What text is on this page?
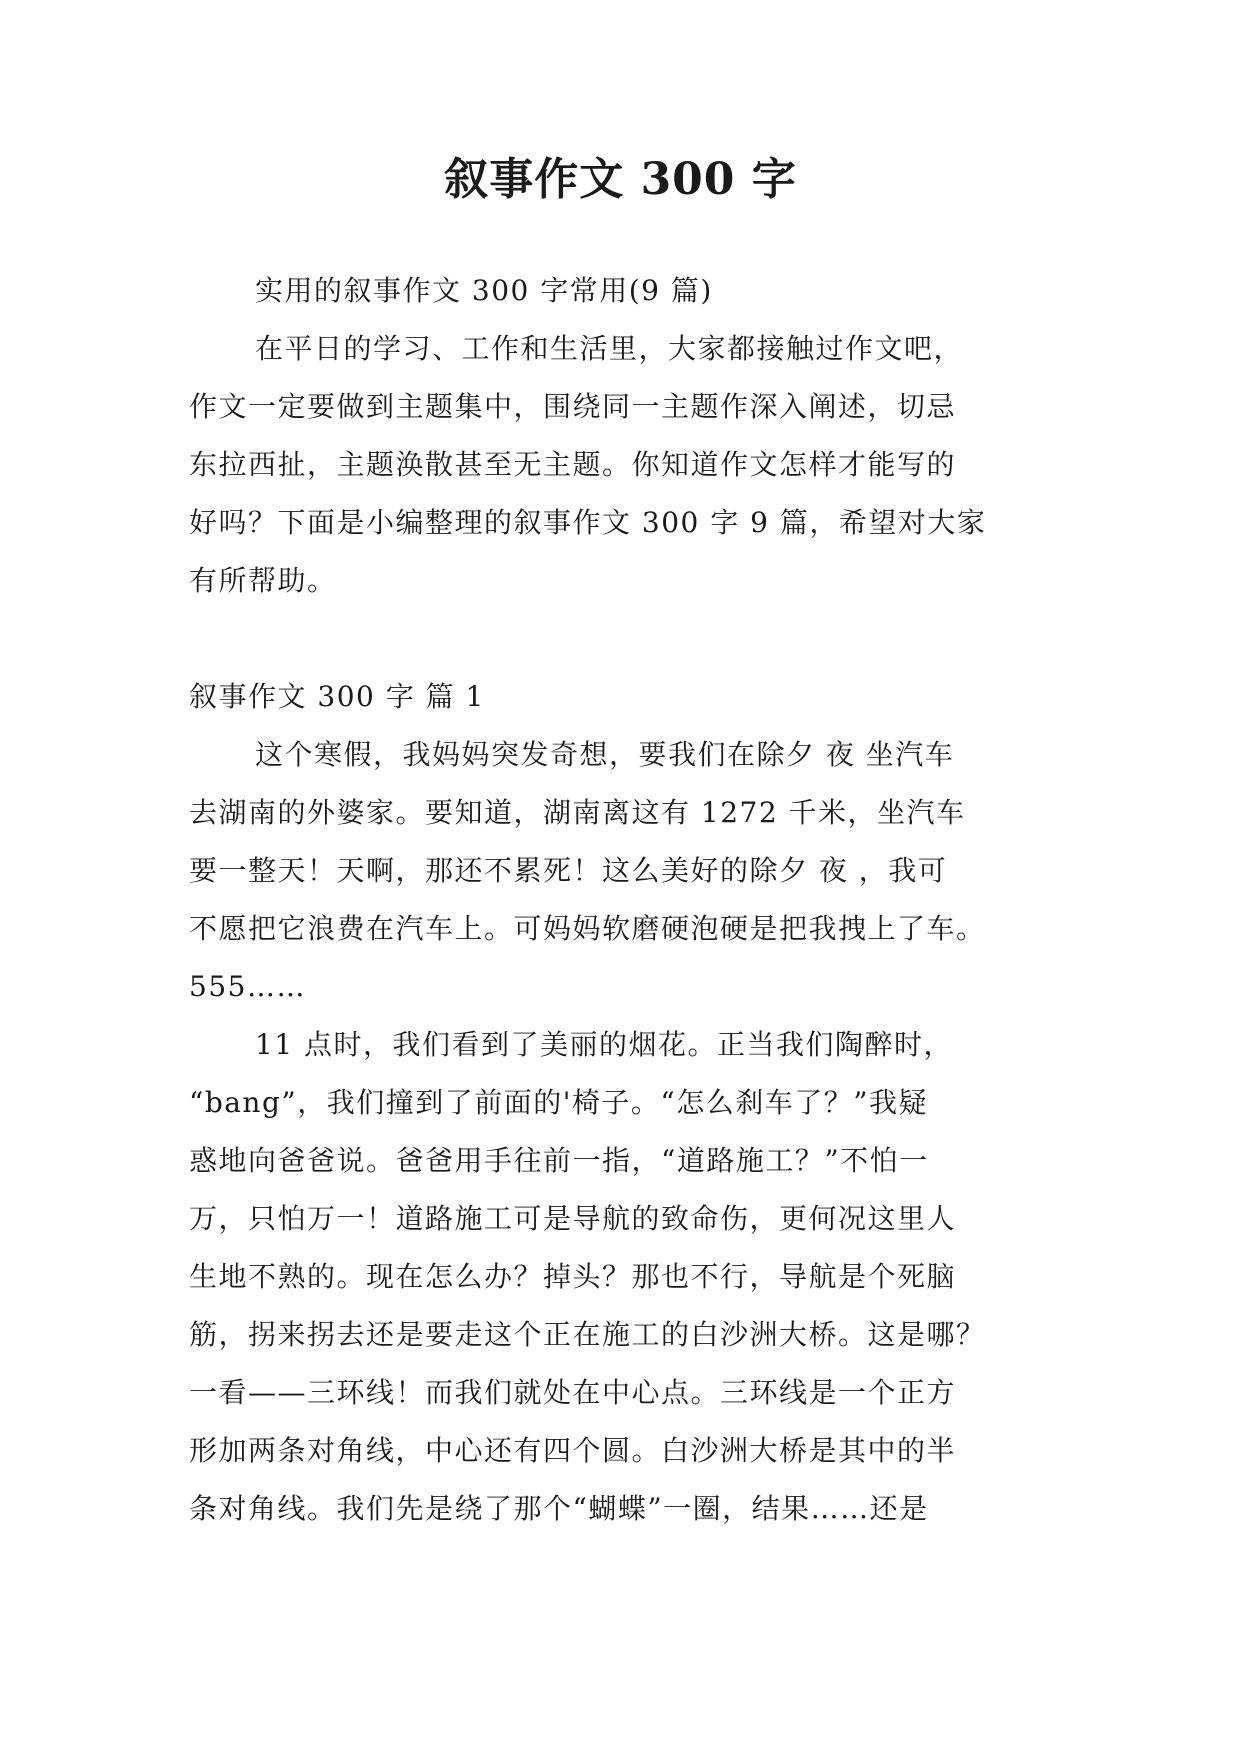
叙事作文 300 字

实用的叙事作文 300 字常用(9 篇)

在平日的学习、工作和生活里，大家都接触过作文吧，

作文一定要做到主题集中，围绕同一主题作深入阐述，切忌

东拉西扯，主题涣散甚至无主题。你知道作文怎样才能写的

好吗？下面是小编整理的叙事作文 300 字 9 篇，希望对大家

有所帮助。

叙事作文 300 字 篇 1

这个寒假，我妈妈突发奇想，要我们在除夕 夜 坐汽车

去湖南的外婆家。要知道，湖南离这有 1272 千米，坐汽车

要一整天！天啊，那还不累死！这么美好的除夕 夜 ，我可

不愿把它浪费在汽车上。可妈妈软磨硬泡硬是把我拽上了车。

555……

11 点时，我们看到了美丽的烟花。正当我们陶醉时，

“bang”，我们撞到了前面的'椅子。“怎么刹车了？”我疑

惑地向爸爸说。爸爸用手往前一指，“道路施工？”不怕一

万，只怕万一！道路施工可是导航的致命伤，更何况这里人

生地不熟的。现在怎么办？掉头？那也不行，导航是个死脑

筋，拐来拐去还是要走这个正在施工的白沙洲大桥。这是哪？

一看——三环线！而我们就处在中心点。三环线是一个正方

形加两条对角线，中心还有四个圆。白沙洲大桥是其中的半

条对角线。我们先是绕了那个“蝴蝶”一圈，结果……还是
